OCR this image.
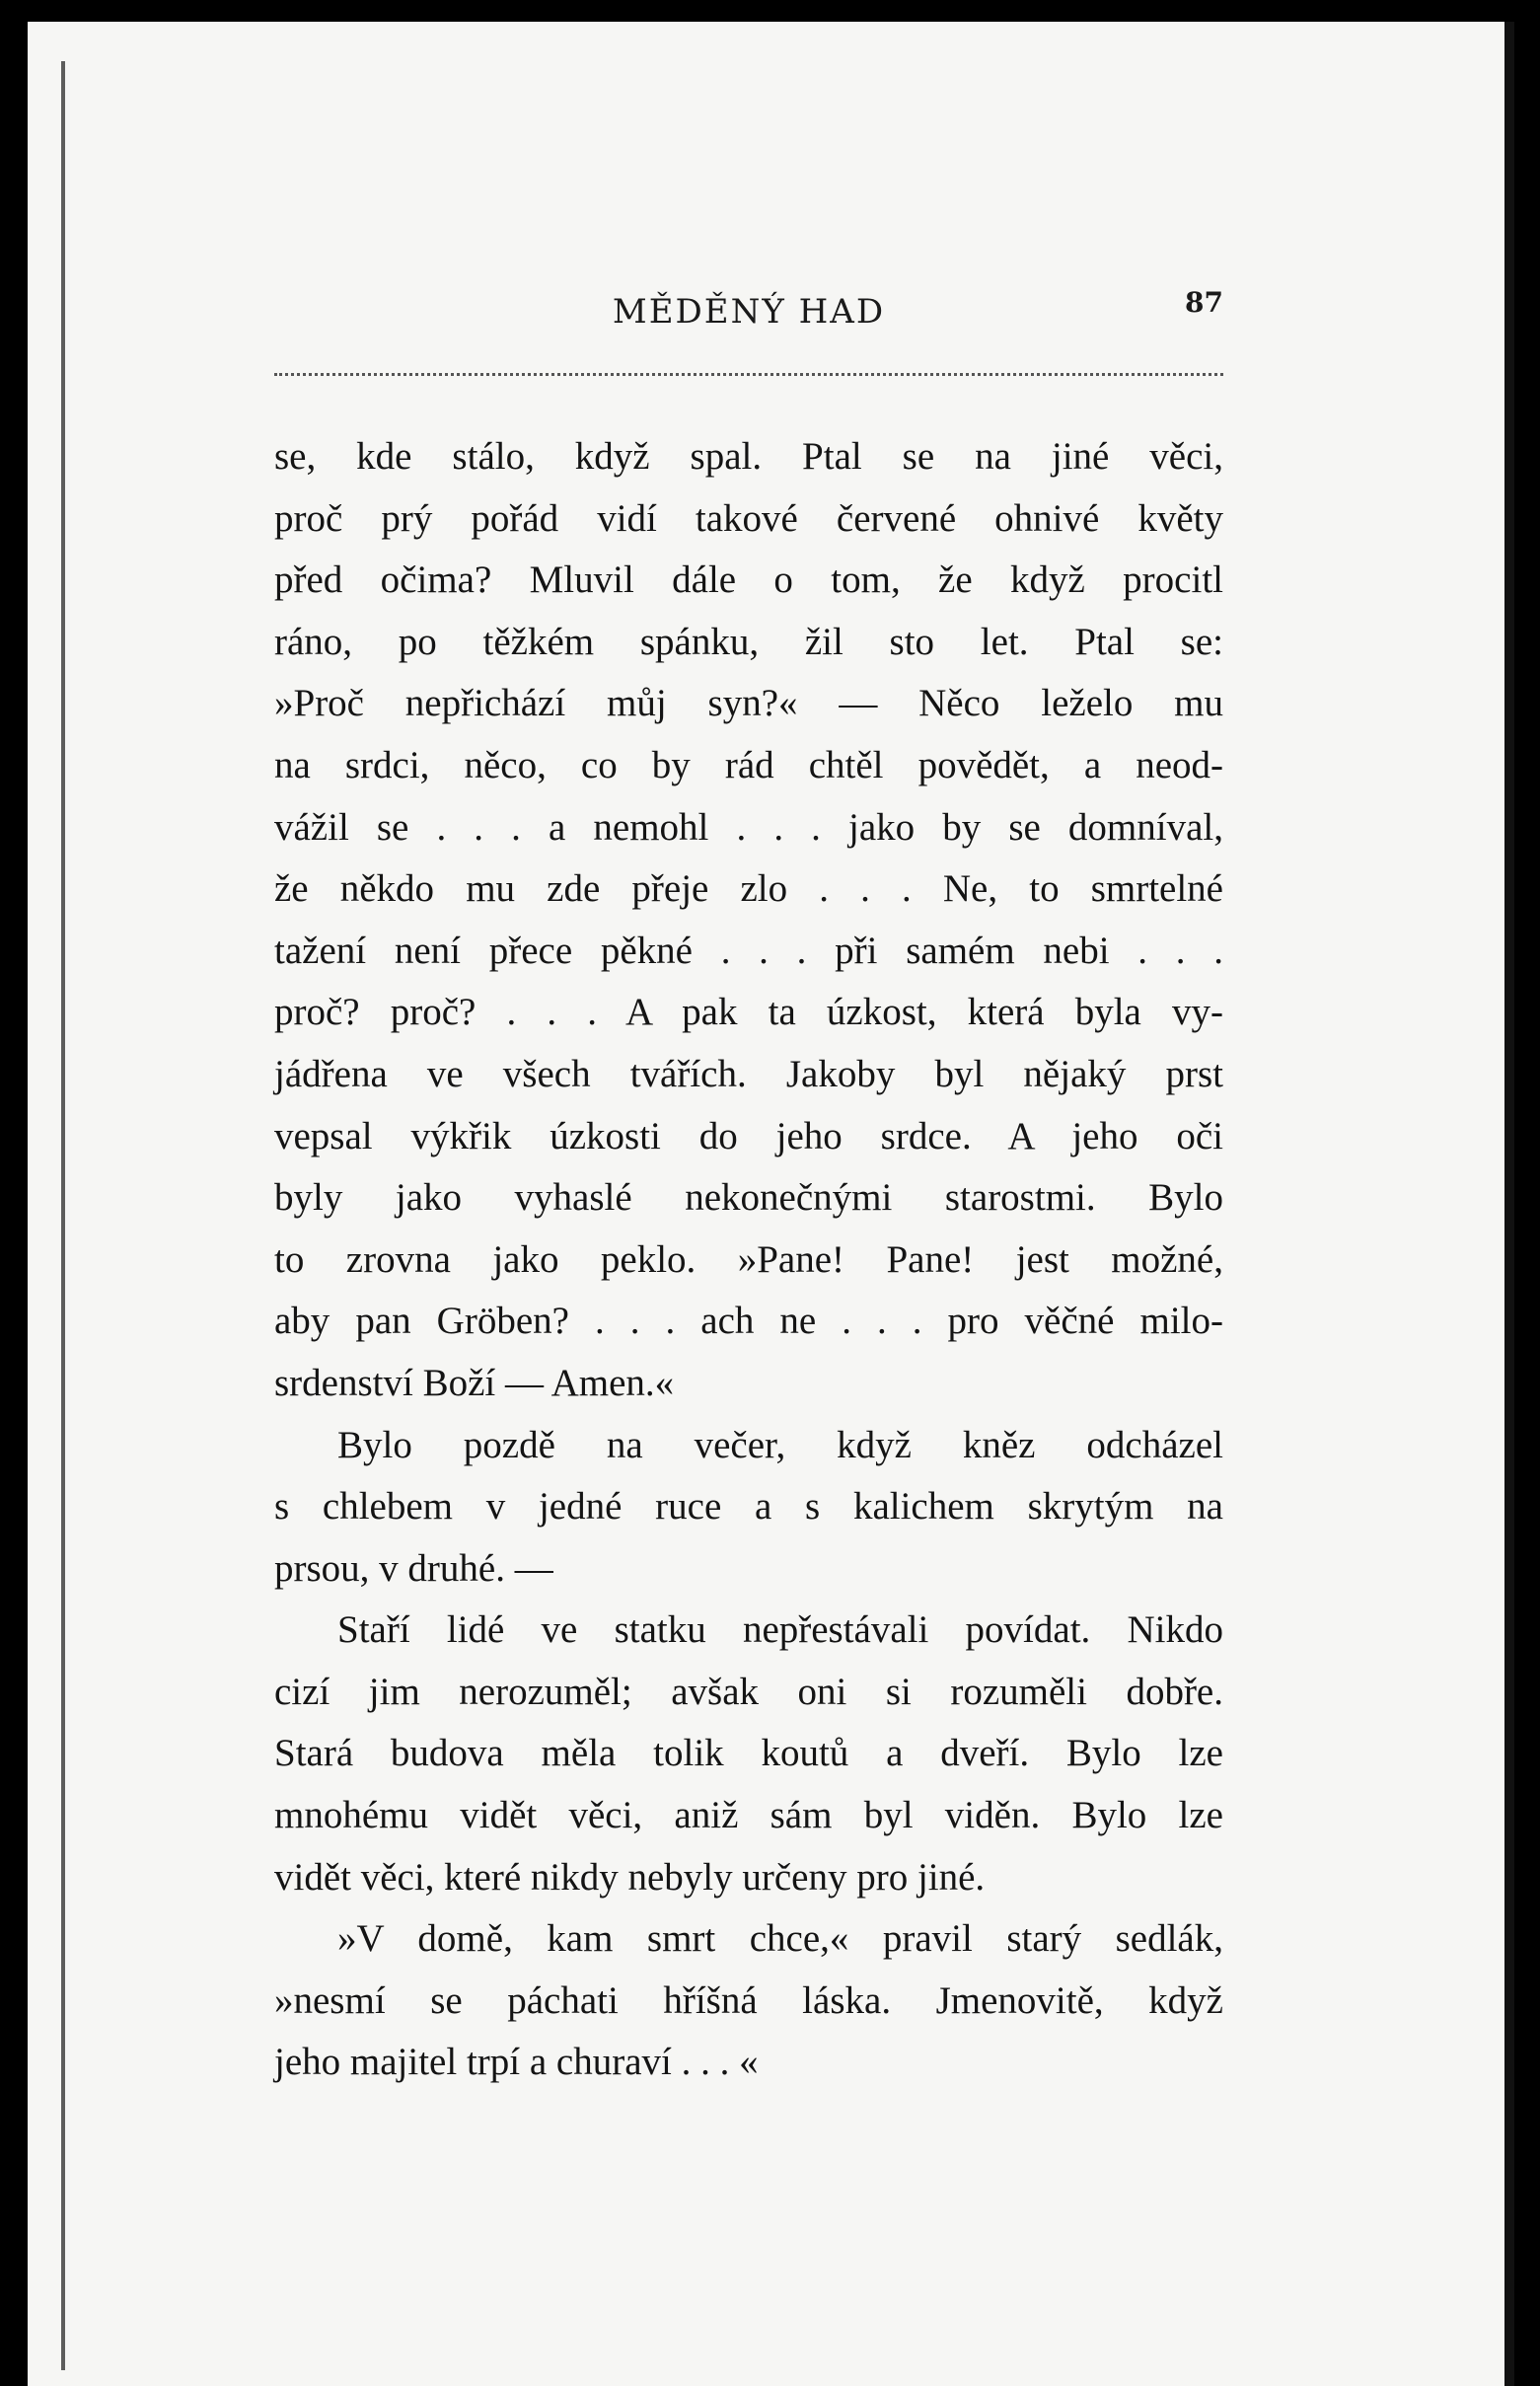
MĚDĚNÝ HAD	87
se, kde stálo, když spal. Ptal se na jiné věci,
proč prý pořád vidí takové červené ohnivé květy
před očima? Mluvil dále o tom, že když procitl
ráno, po těžkém spánku, žil sto let. Ptal se:
»Proč nepřichází můj syn?« — Něco leželo mu
na srdci, něco, co by rád chtěl povědět, a neod-
vážil se . . . a nemohl . . . jako by se domníval,
že někdo mu zde přeje zlo . . . Ne, to smrtelné
tažení není přece pěkné . . . při samém nebi . . .
proč? proč? . . . A pak ta úzkost, která byla vy-
jádřena ve všech tvářích. Jakoby byl nějaký prst
vepsal výkřik úzkosti do jeho srdce. A jeho oči
byly jako vyhaslé nekonečnými starostmi. Bylo
to zrovna jako peklo. »Pane! Pane! jest možné,
aby pan Gröben? . . . ach ne . . . pro věčné milo-
srdenství Boží — Amen.«
Bylo pozdě na večer, když kněz odcházel
s chlebem v jedné ruce a s kalichem skrytým na
prsou, v druhé. —
Staří lidé ve statku nepřestávali povídat. Nikdo
cizí jim nerozuměl; avšak oni si rozuměli dobře.
Stará budova měla tolik koutů a dveří. Bylo lze
mnohému vidět věci, aniž sám byl viděn. Bylo lze
vidět věci, které nikdy nebyly určeny pro jiné.
»V domě, kam smrt chce,« pravil starý sedlák,
»nesmí se páchati hříšná láska. Jmenovitě, když
jeho majitel trpí a churaví . . . «
